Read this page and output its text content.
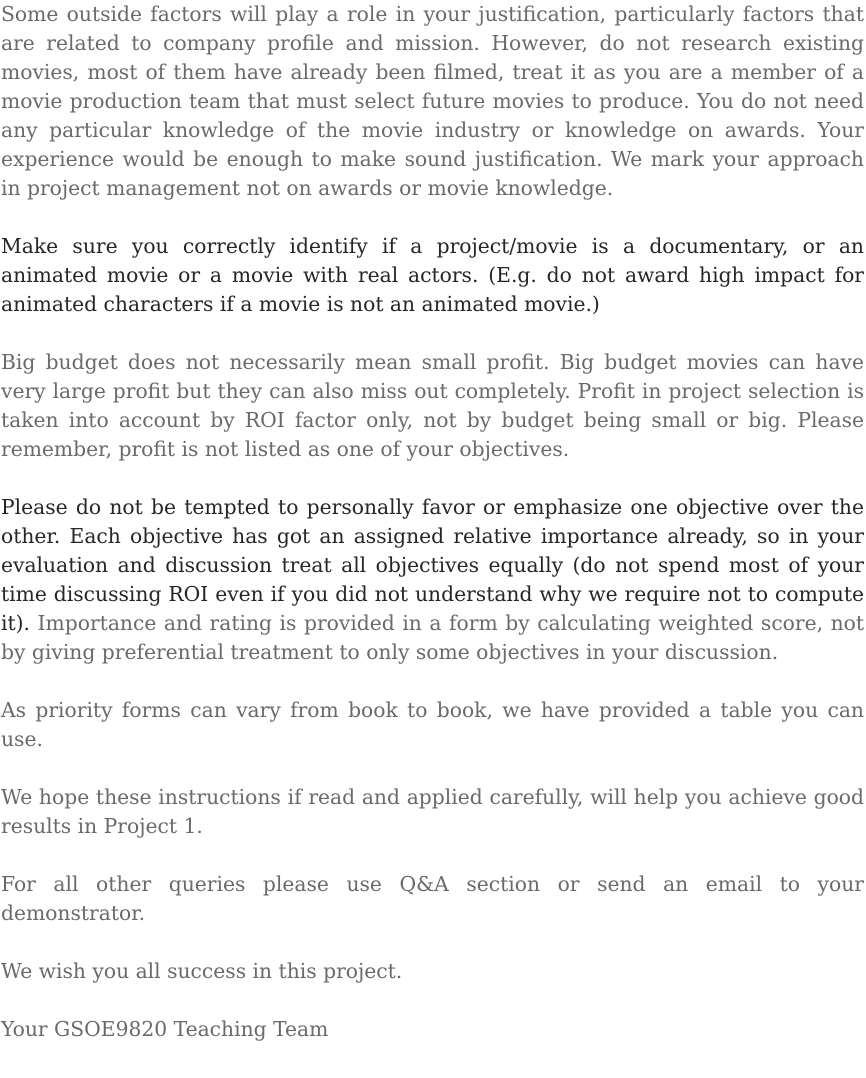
Some outside factors will play a role in your justification, particularly factors that are related to company profile and mission. However, do not research existing movies, most of them have already been filmed, treat it as you are a member of a movie production team that must select future movies to produce. You do not need any particular knowledge of the movie industry or knowledge on awards. Your experience would be enough to make sound justification. We mark your approach in project management not on awards or movie knowledge.

Make sure you correctly identify if a project/movie is a documentary, or an animated movie or a movie with real actors. (E.g. do not award high impact for animated characters if a movie is not an animated movie.)

Big budget does not necessarily mean small profit. Big budget movies can have very large profit but they can also miss out completely. Profit in project selection is taken into account by ROI factor only, not by budget being small or big. Please remember, profit is not listed as one of your objectives.

Please do not be tempted to personally favor or emphasize one objective over the other. Each objective has got an assigned relative importance already, so in your evaluation and discussion treat all objectives equally (do not spend most of your time discussing ROI even if you did not understand why we require not to compute it). Importance and rating is provided in a form by calculating weighted score, not by giving preferential treatment to only some objectives in your discussion.

As priority forms can vary from book to book, we have provided a table you can use.

We hope these instructions if read and applied carefully, will help you achieve good results in Project 1.

For all other queries please use Q&A section or send an email to your demonstrator.

We wish you all success in this project.

Your GSOE9820 Teaching Team
